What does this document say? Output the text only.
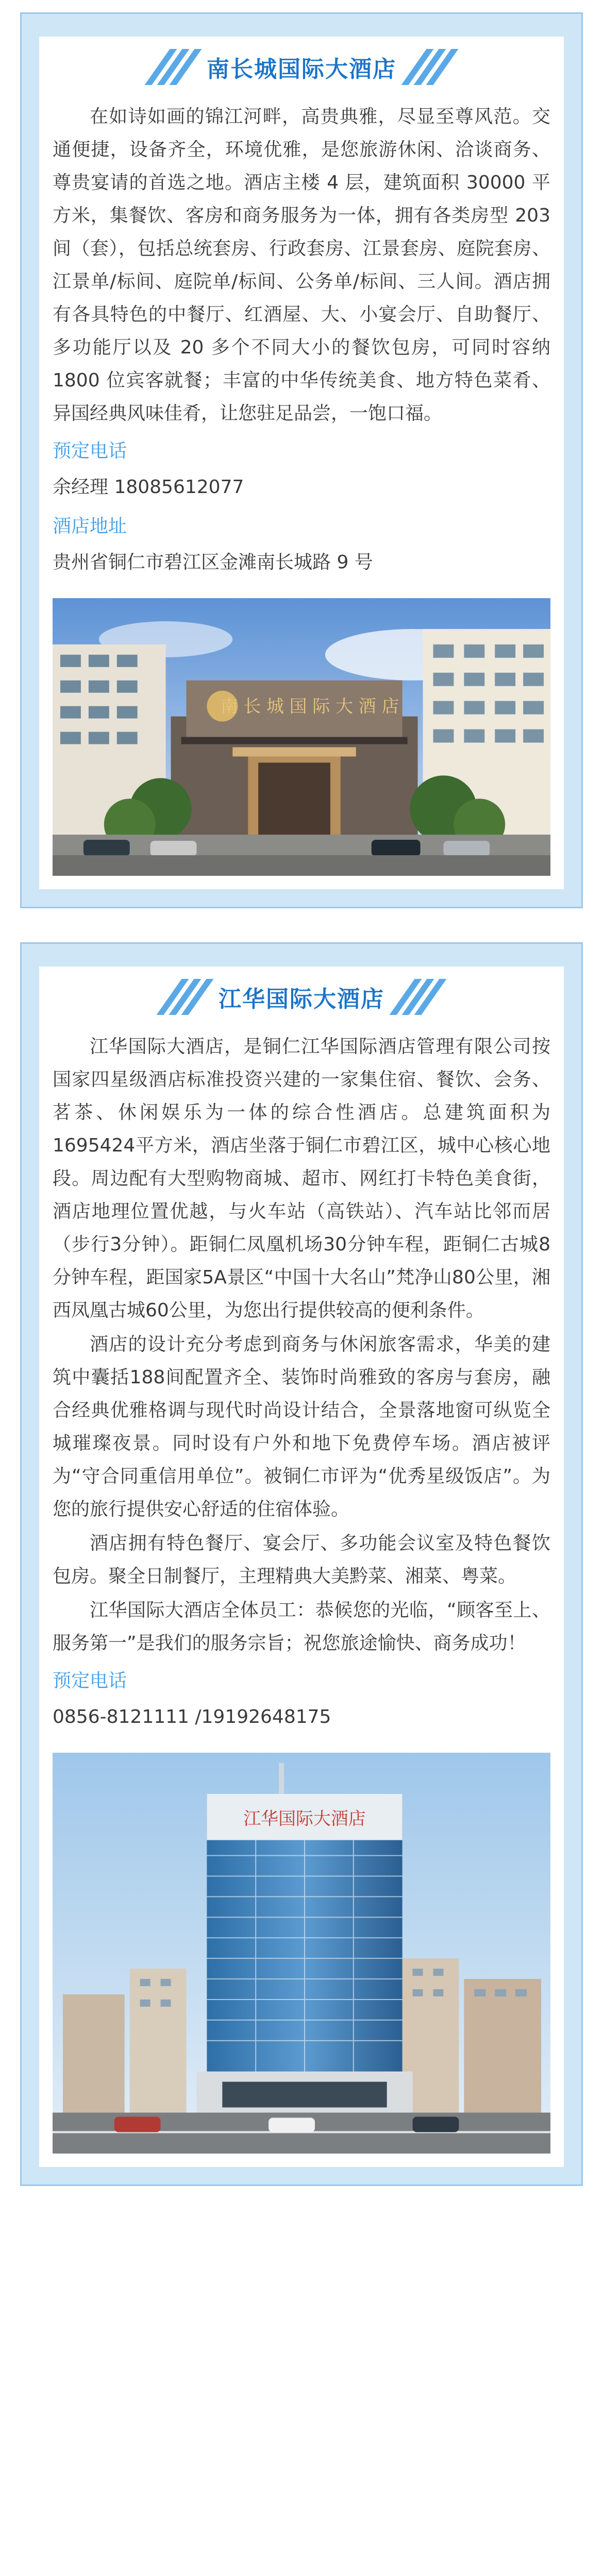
南长城国际大酒店

在如诗如画的锦江河畔，高贵典雅，尽显至尊风范。交通便捷，设备齐全，环境优雅，是您旅游休闲、洽谈商务、尊贵宴请的首选之地。酒店主楼 4 层，建筑面积 30000 平方米，集餐饮、客房和商务服务为一体，拥有各类房型 203 间（套），包括总统套房、行政套房、江景套房、庭院套房、江景单/标间、庭院单/标间、公务单/标间、三人间。酒店拥有各具特色的中餐厅、红酒屋、大、小宴会厅、自助餐厅、多功能厅以及 20 多个不同大小的餐饮包房，可同时容纳 1800 位宾客就餐；丰富的中华传统美食、地方特色菜肴、异国经典风味佳肴，让您驻足品尝，一饱口福。

预定电话
余经理 18085612077
酒店地址
贵州省铜仁市碧江区金滩南长城路 9 号
南 长 城 国 际 大 酒 店
江华国际大酒店

江华国际大酒店，是铜仁江华国际酒店管理有限公司按国家四星级酒店标准投资兴建的一家集住宿、餐饮、会务、茗茶、休闲娱乐为一体的综合性酒店。总建筑面积为1695424平方米，酒店坐落于铜仁市碧江区，城中心核心地段。周边配有大型购物商城、超市、网红打卡特色美食街，酒店地理位置优越，与火车站（高铁站）、汽车站比邻而居（步行3分钟）。距铜仁凤凰机场30分钟车程，距铜仁古城8分钟车程，距国家5A景区“中国十大名山”梵净山80公里，湘西凤凰古城60公里，为您出行提供较高的便利条件。

酒店的设计充分考虑到商务与休闲旅客需求，华美的建筑中囊括188间配置齐全、装饰时尚雅致的客房与套房，融合经典优雅格调与现代时尚设计结合，全景落地窗可纵览全城璀璨夜景。同时设有户外和地下免费停车场。酒店被评为“守合同重信用单位”。被铜仁市评为“优秀星级饭店”。为您的旅行提供安心舒适的住宿体验。

酒店拥有特色餐厅、宴会厅、多功能会议室及特色餐饮包房。聚全日制餐厅，主理精典大美黔菜、湘菜、粤菜。

江华国际大酒店全体员工：恭候您的光临，“顾客至上、服务第一”是我们的服务宗旨；祝您旅途愉快、商务成功！

预定电话
0856-8121111 /19192648175
江华国际大酒店
